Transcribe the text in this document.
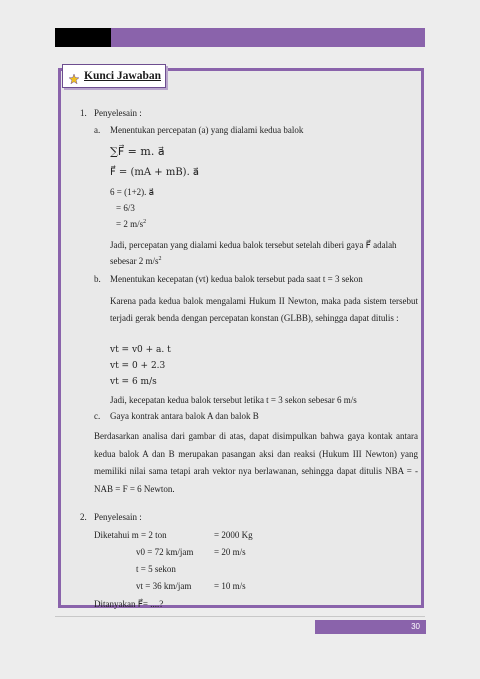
Kunci Jawaban
1. Penyelesain :
a. Menentukan percepatan (a) yang dialami kedua balok
∑F⃗ = m. a⃗
F⃗ = (mA + mB). a⃗
6 = (1+2). a⃗
= 6/3
= 2 $m/s^2$
Jadi, percepatan yang dialami kedua balok tersebut setelah diberi gaya F⃗ adalah
sebesar 2 $m/s^2$
b. Menentukan kecepatan (vt) kedua balok tersebut pada saat t = 3 sekon
Karena pada kedua balok mengalami Hukum II Newton, maka pada sistem tersebut terjadi gerak benda dengan percepatan konstan (GLBB), sehingga dapat ditulis :
vt = v0 + a. t
vt = 0 + 2.3
vt = 6 m/s
Jadi, kecepatan kedua balok tersebut letika t = 3 sekon sebesar 6 m/s
c. Gaya kontrak antara balok A dan balok B
Berdasarkan analisa dari gambar di atas, dapat disimpulkan bahwa gaya kontak antara kedua balok A dan B merupakan pasangan aksi dan reaksi (Hukum III Newton) yang memiliki nilai sama tetapi arah vektor nya berlawanan, sehingga dapat ditulis NBA = -NAB = F = 6 Newton.
2. Penyelesain :
Diketahui m = 2 ton	= 2000 Kg
v0 = 72 km/jam = 20 m/s
t = 5 sekon
vt = 36 km/jam	= 10 m/s
Ditanyakan F⃗= ....?
30
